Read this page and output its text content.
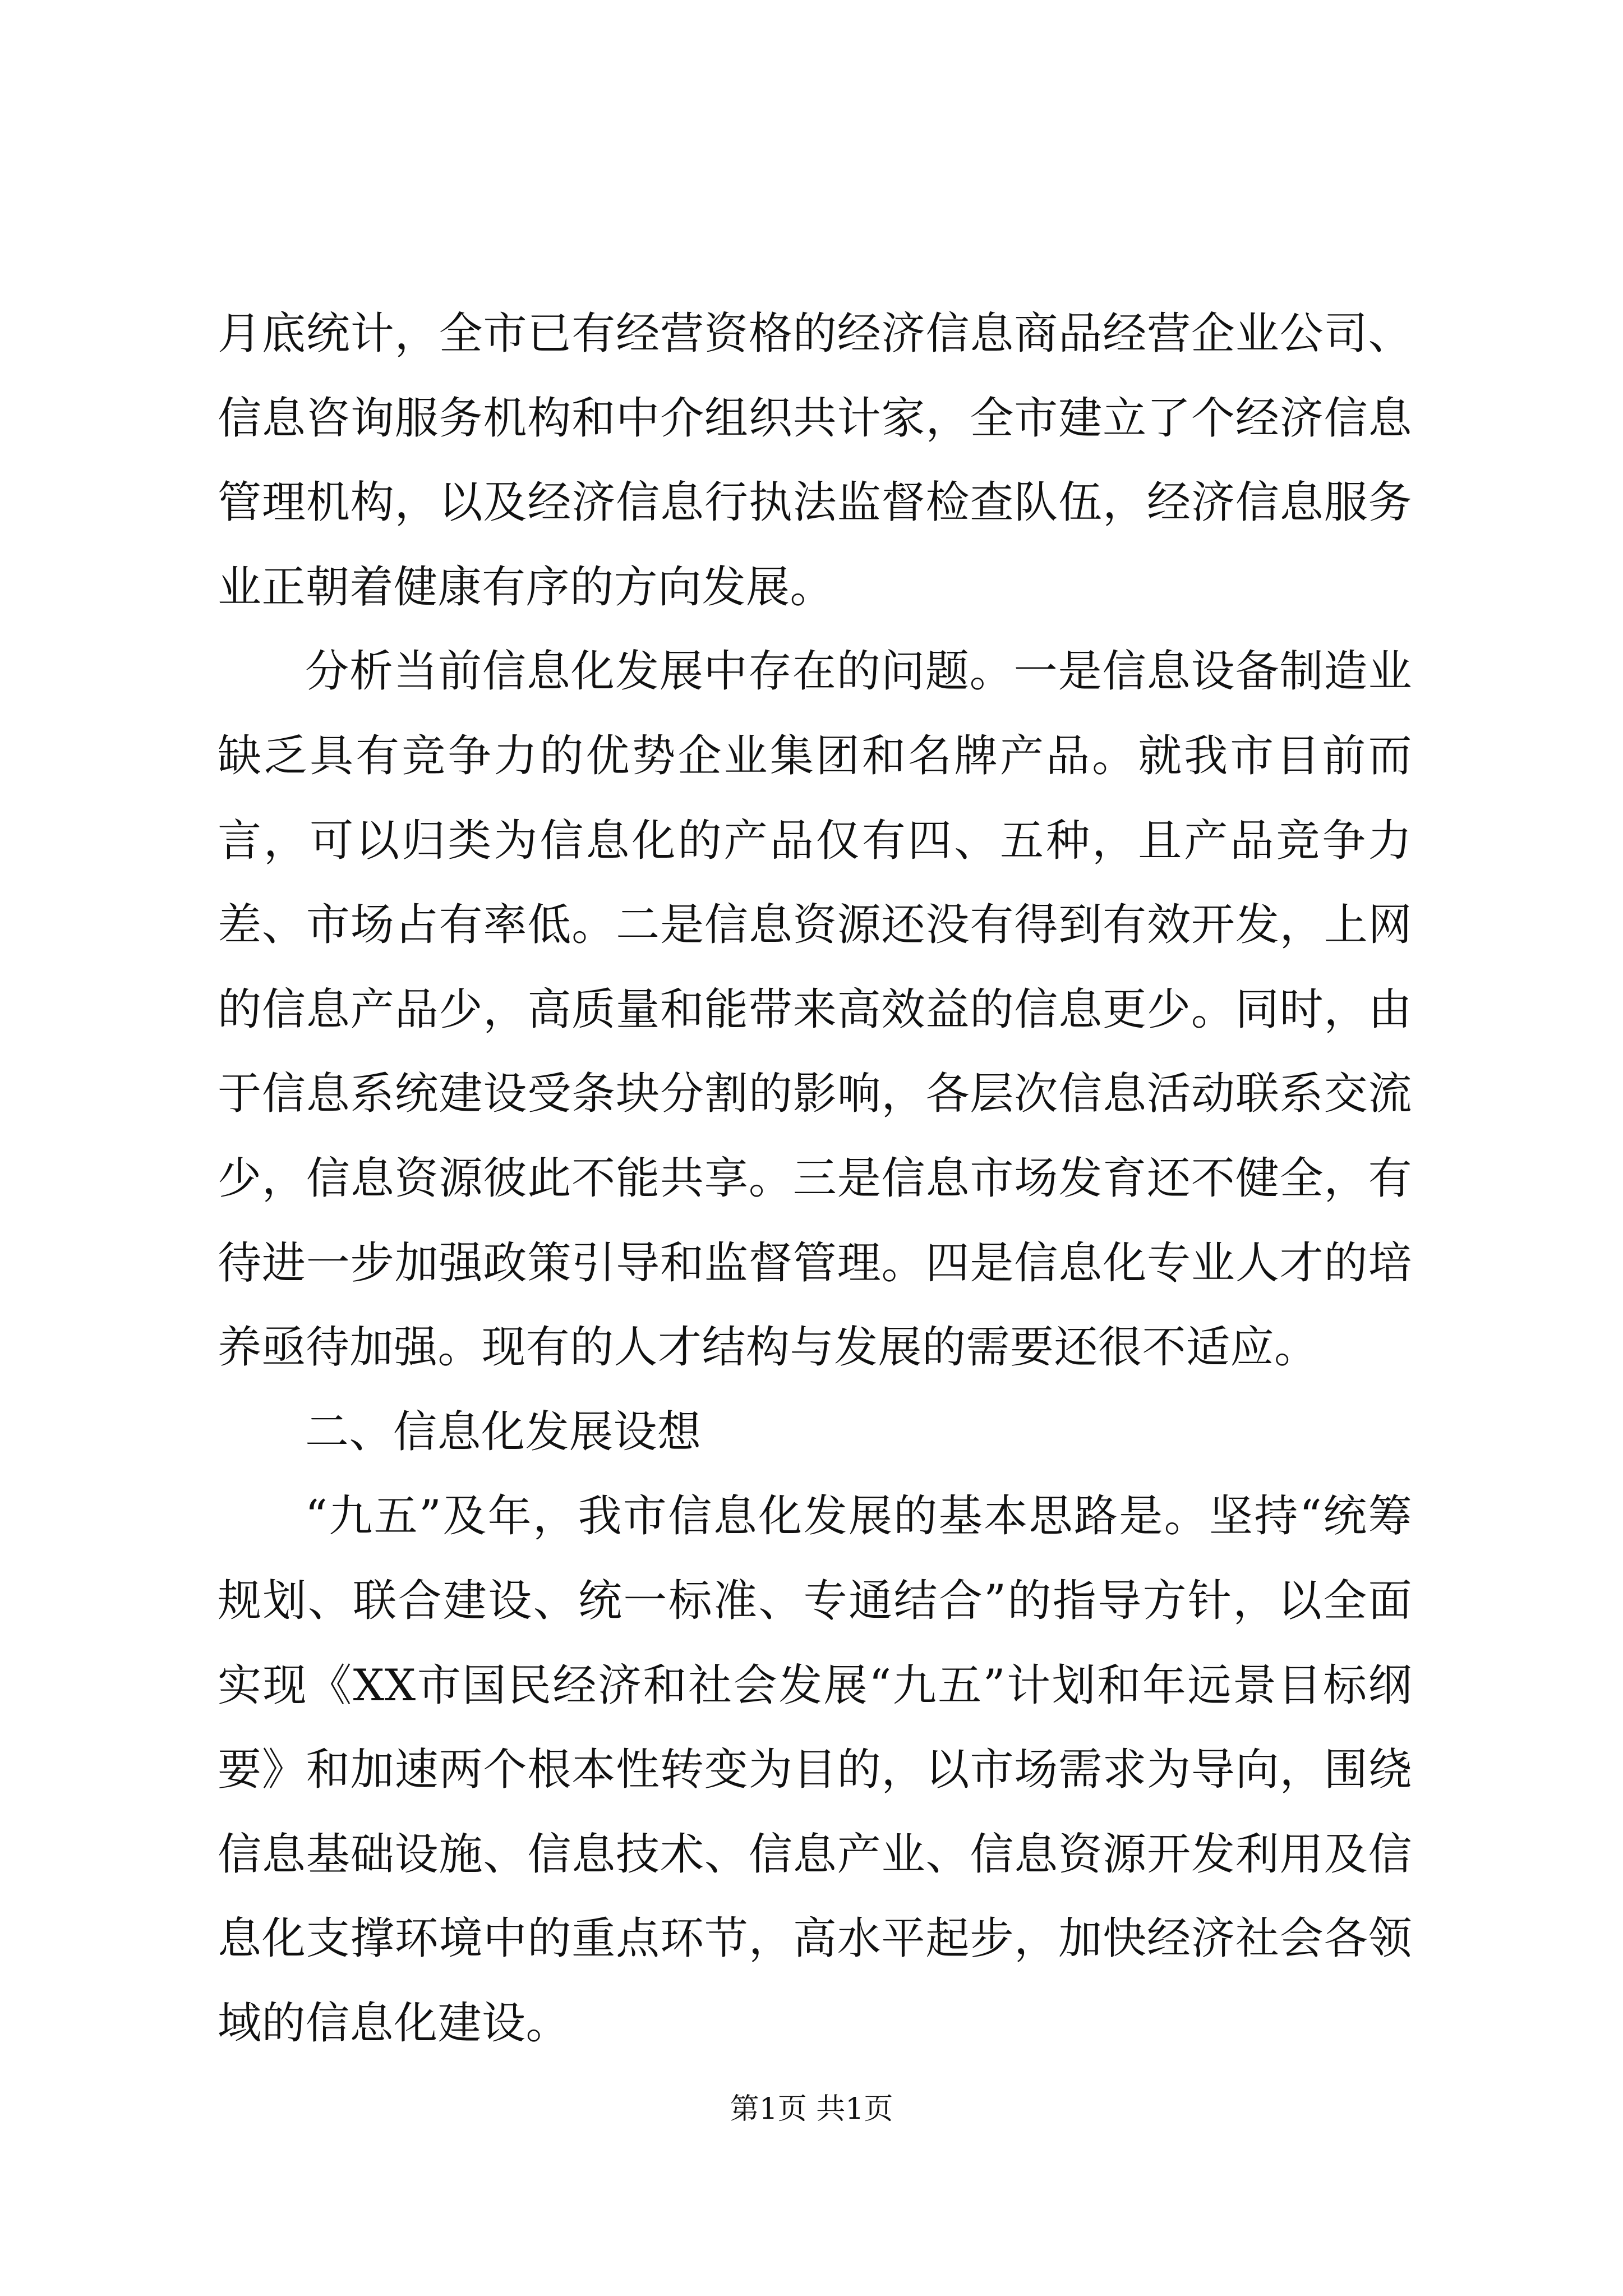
月底统计，全市已有经营资格的经济信息商品经营企业公司、信息咨询服务机构和中介组织共计家，全市建立了个经济信息管理机构，以及经济信息行执法监督检查队伍，经济信息服务业正朝着健康有序的方向发展。

分析当前信息化发展中存在的问题。一是信息设备制造业缺乏具有竞争力的优势企业集团和名牌产品。就我市目前而言，可以归类为信息化的产品仅有四、五种，且产品竞争力差、市场占有率低。二是信息资源还没有得到有效开发，上网的信息产品少，高质量和能带来高效益的信息更少。同时，由于信息系统建设受条块分割的影响，各层次信息活动联系交流少，信息资源彼此不能共享。三是信息市场发育还不健全，有待进一步加强政策引导和监督管理。四是信息化专业人才的培养亟待加强。现有的人才结构与发展的需要还很不适应。

二、信息化发展设想

“九五”及年，我市信息化发展的基本思路是。坚持“统筹规划、联合建设、统一标准、专通结合”的指导方针，以全面实现《XX市国民经济和社会发展“九五”计划和年远景目标纲要》和加速两个根本性转变为目的，以市场需求为导向，围绕信息基础设施、信息技术、信息产业、信息资源开发利用及信息化支撑环境中的重点环节，高水平起步，加快经济社会各领域的信息化建设。

第1页 共1页
